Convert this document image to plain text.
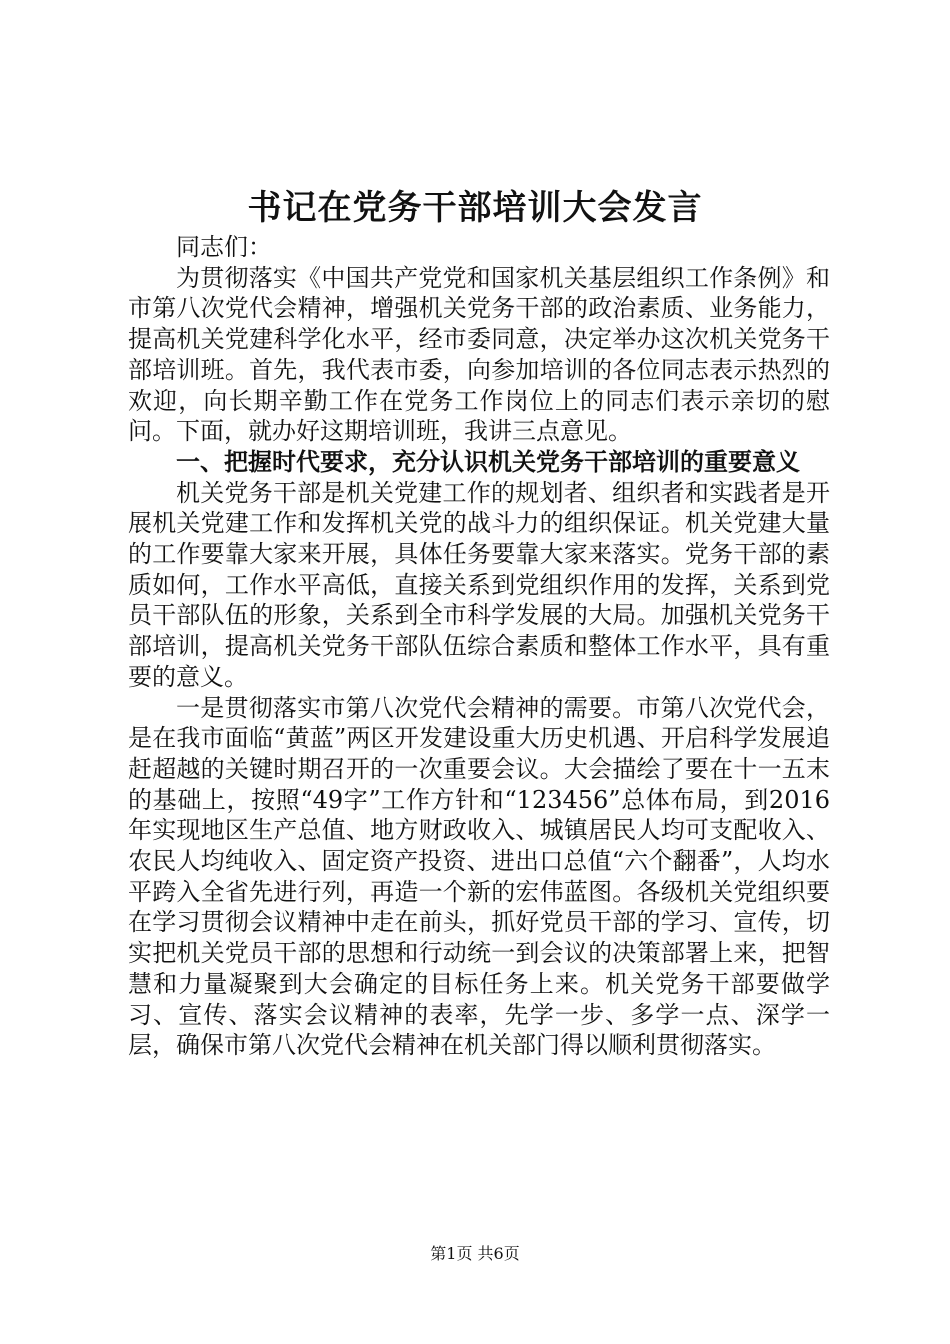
书记在党务干部培训大会发言

同志们：

为贯彻落实《中国共产党党和国家机关基层组织工作条例》和市第八次党代会精神，增强机关党务干部的政治素质、业务能力，提高机关党建科学化水平，经市委同意，决定举办这次机关党务干部培训班。首先，我代表市委，向参加培训的各位同志表示热烈的欢迎，向长期辛勤工作在党务工作岗位上的同志们表示亲切的慰问。下面，就办好这期培训班，我讲三点意见。

一、把握时代要求，充分认识机关党务干部培训的重要意义

机关党务干部是机关党建工作的规划者、组织者和实践者是开展机关党建工作和发挥机关党的战斗力的组织保证。机关党建大量的工作要靠大家来开展，具体任务要靠大家来落实。党务干部的素质如何，工作水平高低，直接关系到党组织作用的发挥，关系到党员干部队伍的形象，关系到全市科学发展的大局。加强机关党务干部培训，提高机关党务干部队伍综合素质和整体工作水平，具有重要的意义。

一是贯彻落实市第八次党代会精神的需要。市第八次党代会，是在我市面临“黄蓝”两区开发建设重大历史机遇、开启科学发展追赶超越的关键时期召开的一次重要会议。大会描绘了要在十一五末的基础上，按照“49字”工作方针和“123456”总体布局，到2016年实现地区生产总值、地方财政收入、城镇居民人均可支配收入、农民人均纯收入、固定资产投资、进出口总值“六个翻番”，人均水平跨入全省先进行列，再造一个新的宏伟蓝图。各级机关党组织要在学习贯彻会议精神中走在前头，抓好党员干部的学习、宣传，切实把机关党员干部的思想和行动统一到会议的决策部署上来，把智慧和力量凝聚到大会确定的目标任务上来。机关党务干部要做学习、宣传、落实会议精神的表率，先学一步、多学一点、深学一层，确保市第八次党代会精神在机关部门得以顺利贯彻落实。

第1页 共6页
